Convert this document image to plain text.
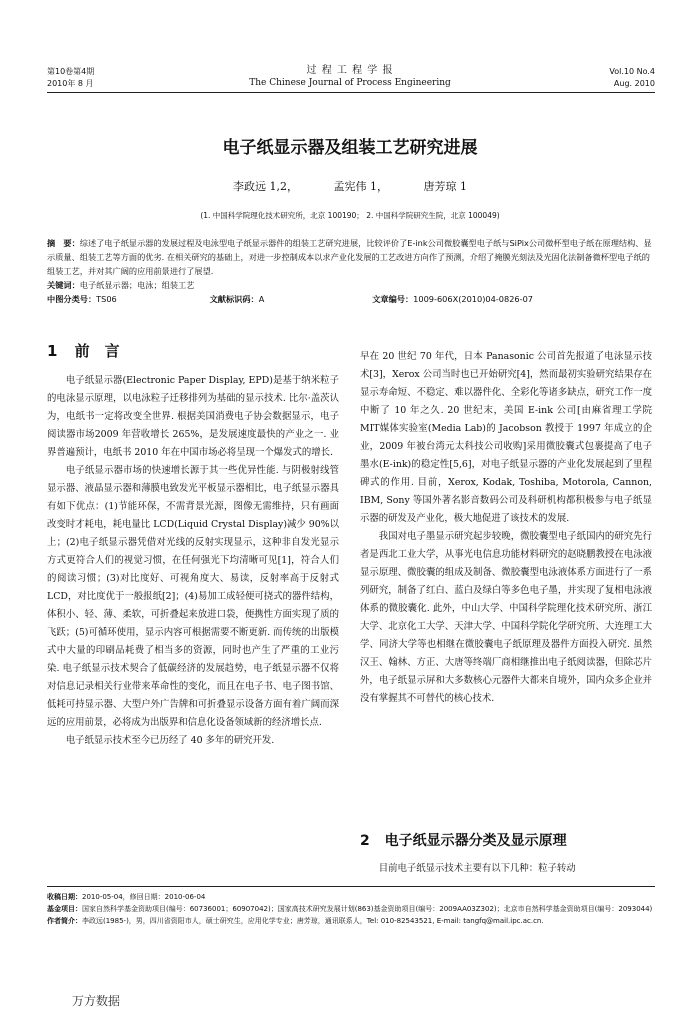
第10卷第4期
2010年 8 月
过 程 工 程 学 报
The Chinese Journal of Process Engineering
Vol.10 No.4
Aug. 2010
电子纸显示器及组装工艺研究进展
李政远 1,2，	孟宪伟 1，	唐芳琼 1
(1. 中国科学院理化技术研究所，北京 100190； 2. 中国科学院研究生院，北京 100049)
摘　要：综述了电子纸显示器的发展过程及电泳型电子纸显示器件的组装工艺研究进展，比较评价了E-ink公司微胶囊型电子纸与SiPix公司微杯型电子纸在原理结构、显示质量、组装工艺等方面的优劣. 在相关研究的基础上，对进一步控制成本以求产业化发展的工艺改进方向作了预测，介绍了掩膜光刻法及光固化法制备微杯型电子纸的组装工艺，并对其广阔的应用前景进行了展望.
关键词：电子纸显示器；电泳；组装工艺
中图分类号：TS06	文献标识码：A	文章编号：1009-606X(2010)04-0826-07
1 前　言

电子纸显示器(Electronic Paper Display, EPD)是基于纳米粒子的电泳显示原理，以电泳粒子迁移排列为基础的显示技术. 比尔·盖茨认为，电纸书一定将改变全世界. 根据美国消费电子协会数据显示，电子阅读器市场2009 年营收增长 265%，是发展速度最快的产业之一. 业界普遍预计，电纸书 2010 年在中国市场必将呈现一个爆发式的增长.

电子纸显示器市场的快速增长源于其一些优异性能. 与阴极射线管显示器、液晶显示器和薄膜电致发光平板显示器相比，电子纸显示器具有如下优点：(1)节能环保，不需背景光源，图像无需维持，只有画面改变时才耗电，耗电量比 LCD(Liquid Crystal Display)减少 90%以上；(2)电子纸显示器凭借对光线的反射实现显示，这种非自发光显示方式更符合人们的视觉习惯，在任何强光下均清晰可见[1]，符合人们的阅读习惯；(3)对比度好、可视角度大、易读，反射率高于反射式 LCD，对比度优于一般报纸[2]；(4)易加工成轻便可挠式的器件结构，体积小、轻、薄、柔软，可折叠起来放进口袋，便携性方面实现了质的飞跃；(5)可循环使用，显示内容可根据需要不断更新. 而传统的出版模式中大量的印刷品耗费了相当多的资源，同时也产生了严重的工业污染. 电子纸显示技术契合了低碳经济的发展趋势，电子纸显示器不仅将对信息记录相关行业带来革命性的变化，而且在电子书、电子图书馆、低耗可持显示器、大型户外广告牌和可折叠显示设备方面有着广阔而深远的应用前景，必将成为出版界和信息化设备领域新的经济增长点.

电子纸显示技术至今已历经了 40 多年的研究开发.

早在 20 世纪 70 年代，日本 Panasonic 公司首先报道了电泳显示技术[3]，Xerox 公司当时也已开始研究[4]，然而最初实验研究结果存在显示寿命短、不稳定、难以器件化、全彩化等诸多缺点，研究工作一度中断了 10 年之久. 20 世纪末，美国 E-ink 公司[由麻省理工学院 MIT媒体实验室(Media Lab)的 Jacobson 教授于 1997 年成立的企业，2009 年被台湾元太科技公司收购]采用微胶囊式包裹提高了电子墨水(E-ink)的稳定性[5,6]，对电子纸显示器的产业化发展起到了里程碑式的作用. 目前，Xerox, Kodak, Toshiba, Motorola, Cannon, IBM, Sony 等国外著名影音数码公司及科研机构都积极参与电子纸显示器的研发及产业化，极大地促进了该技术的发展.

我国对电子墨显示研究起步较晚，微胶囊型电子纸国内的研究先行者是西北工业大学，从事光电信息功能材料研究的赵晓鹏教授在电泳液显示原理、微胶囊的组成及制备、微胶囊型电泳液体系方面进行了一系列研究，制备了红白、蓝白及绿白等多色电子墨，并实现了复相电泳液体系的微胶囊化. 此外，中山大学、中国科学院理化技术研究所、浙江大学、北京化工大学、天津大学、中国科学院化学研究所、大连理工大学、同济大学等也相继在微胶囊电子纸原理及器件方面投入研究. 虽然汉王、翰林、方正、大唐等终端厂商相继推出电子纸阅读器，但除芯片外，电子纸显示屏和大多数核心元器件大都来自境外，国内众多企业并没有掌握其不可替代的核心技术.

2 电子纸显示器分类及显示原理

目前电子纸显示技术主要有以下几种：粒子转动

收稿日期：2010-05-04，修回日期：2010-06-04
基金项目：国家自然科学基金资助项目(编号：60736001；60907042)；国家高技术研究发展计划(863)基金资助项目(编号：2009AA03Z302)；北京市自然科学基金资助项目(编号：2093044)
作者简介：李政远(1985-)，男，四川省资阳市人，硕士研究生，应用化学专业；唐芳琼，通讯联系人，Tel: 010-82543521, E-mail: tangfq@mail.ipc.ac.cn.
万方数据
